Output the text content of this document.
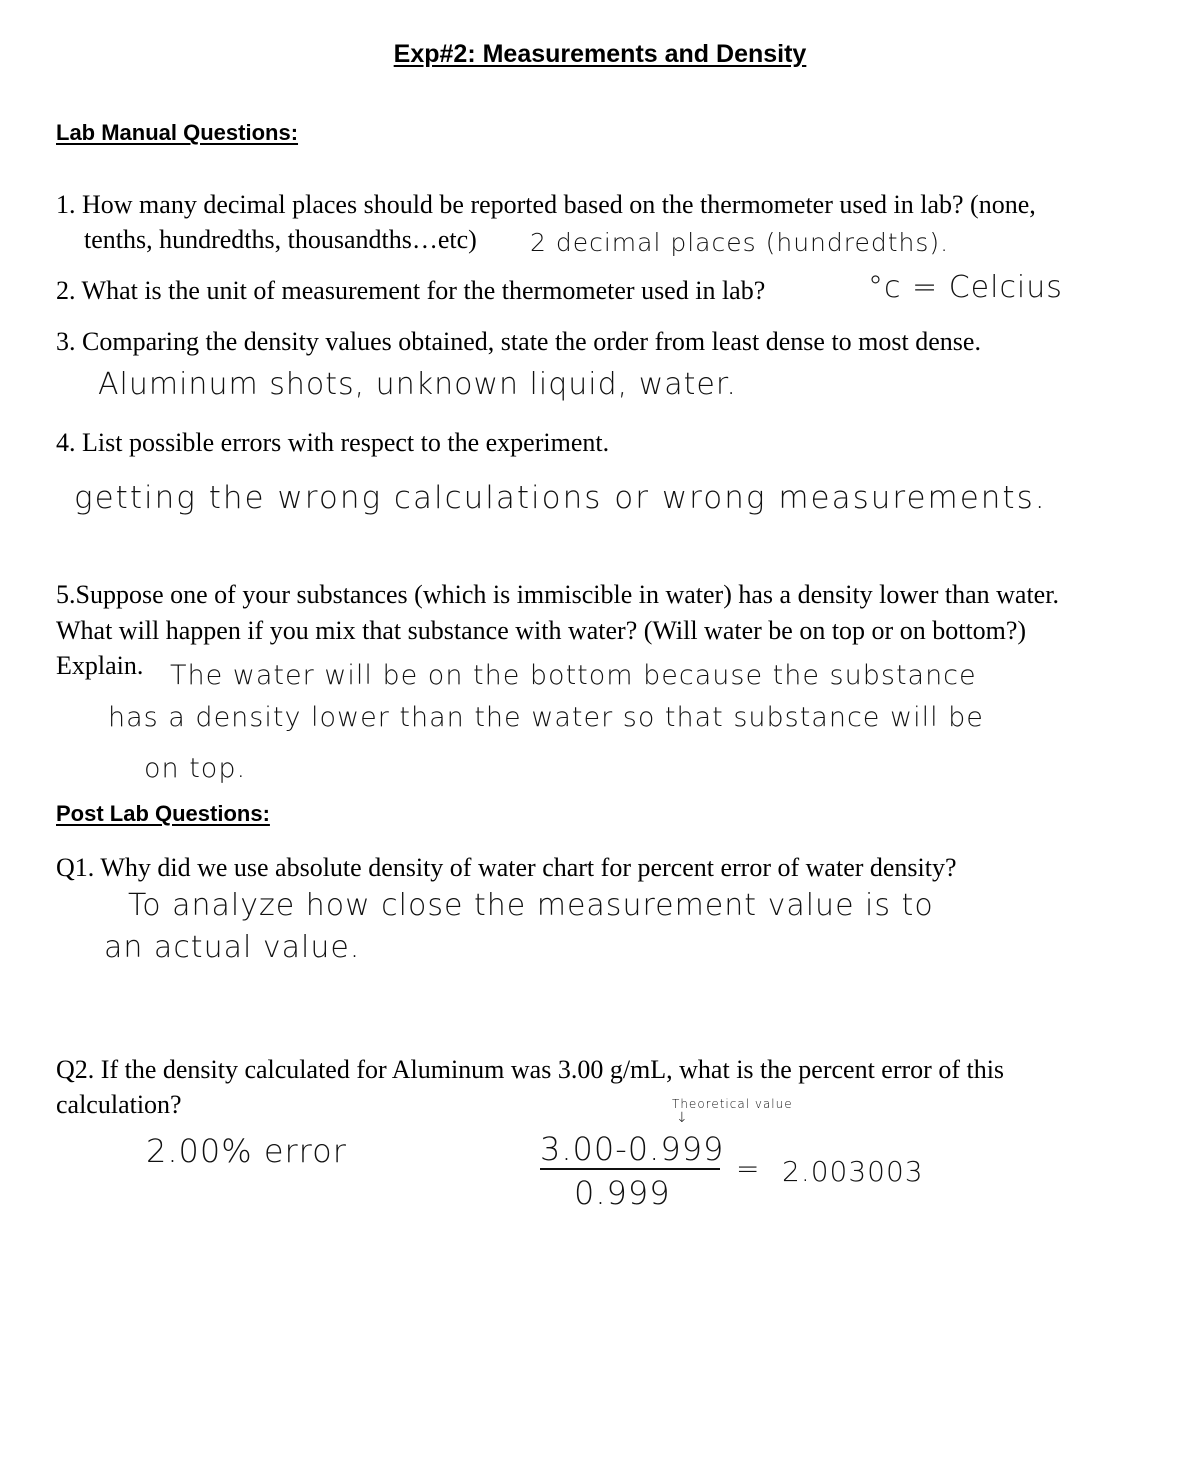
Exp#2: Measurements and Density
Lab Manual Questions:
1. How many decimal places should be reported based on the thermometer used in lab? (none,
tenths, hundredths, thousandths…etc) 2 decimal places (hundredths).
2. What is the unit of measurement for the thermometer used in lab?	°c = Celcius
3. Comparing the density values obtained, state the order from least dense to most dense.
Aluminum shots, unknown liquid, water.
4. List possible errors with respect to the experiment.
getting the wrong calculations or wrong measurements.
5.Suppose one of your substances (which is immiscible in water) has a density lower than water.
What will happen if you mix that substance with water? (Will water be on top or on bottom?)
Explain. The water will be on the bottom because the substance
has a density lower than the water so that substance will be
on top.
Post Lab Questions:
Q1. Why did we use absolute density of water chart for percent error of water density?
To analyze how close the measurement value is to
an actual value.
Q2. If the density calculated for Aluminum was 3.00 g/mL, what is the percent error of this
calculation?
2.00% error
Theoretical value
↓
3.00-0.999
0.999
= 2.003003
